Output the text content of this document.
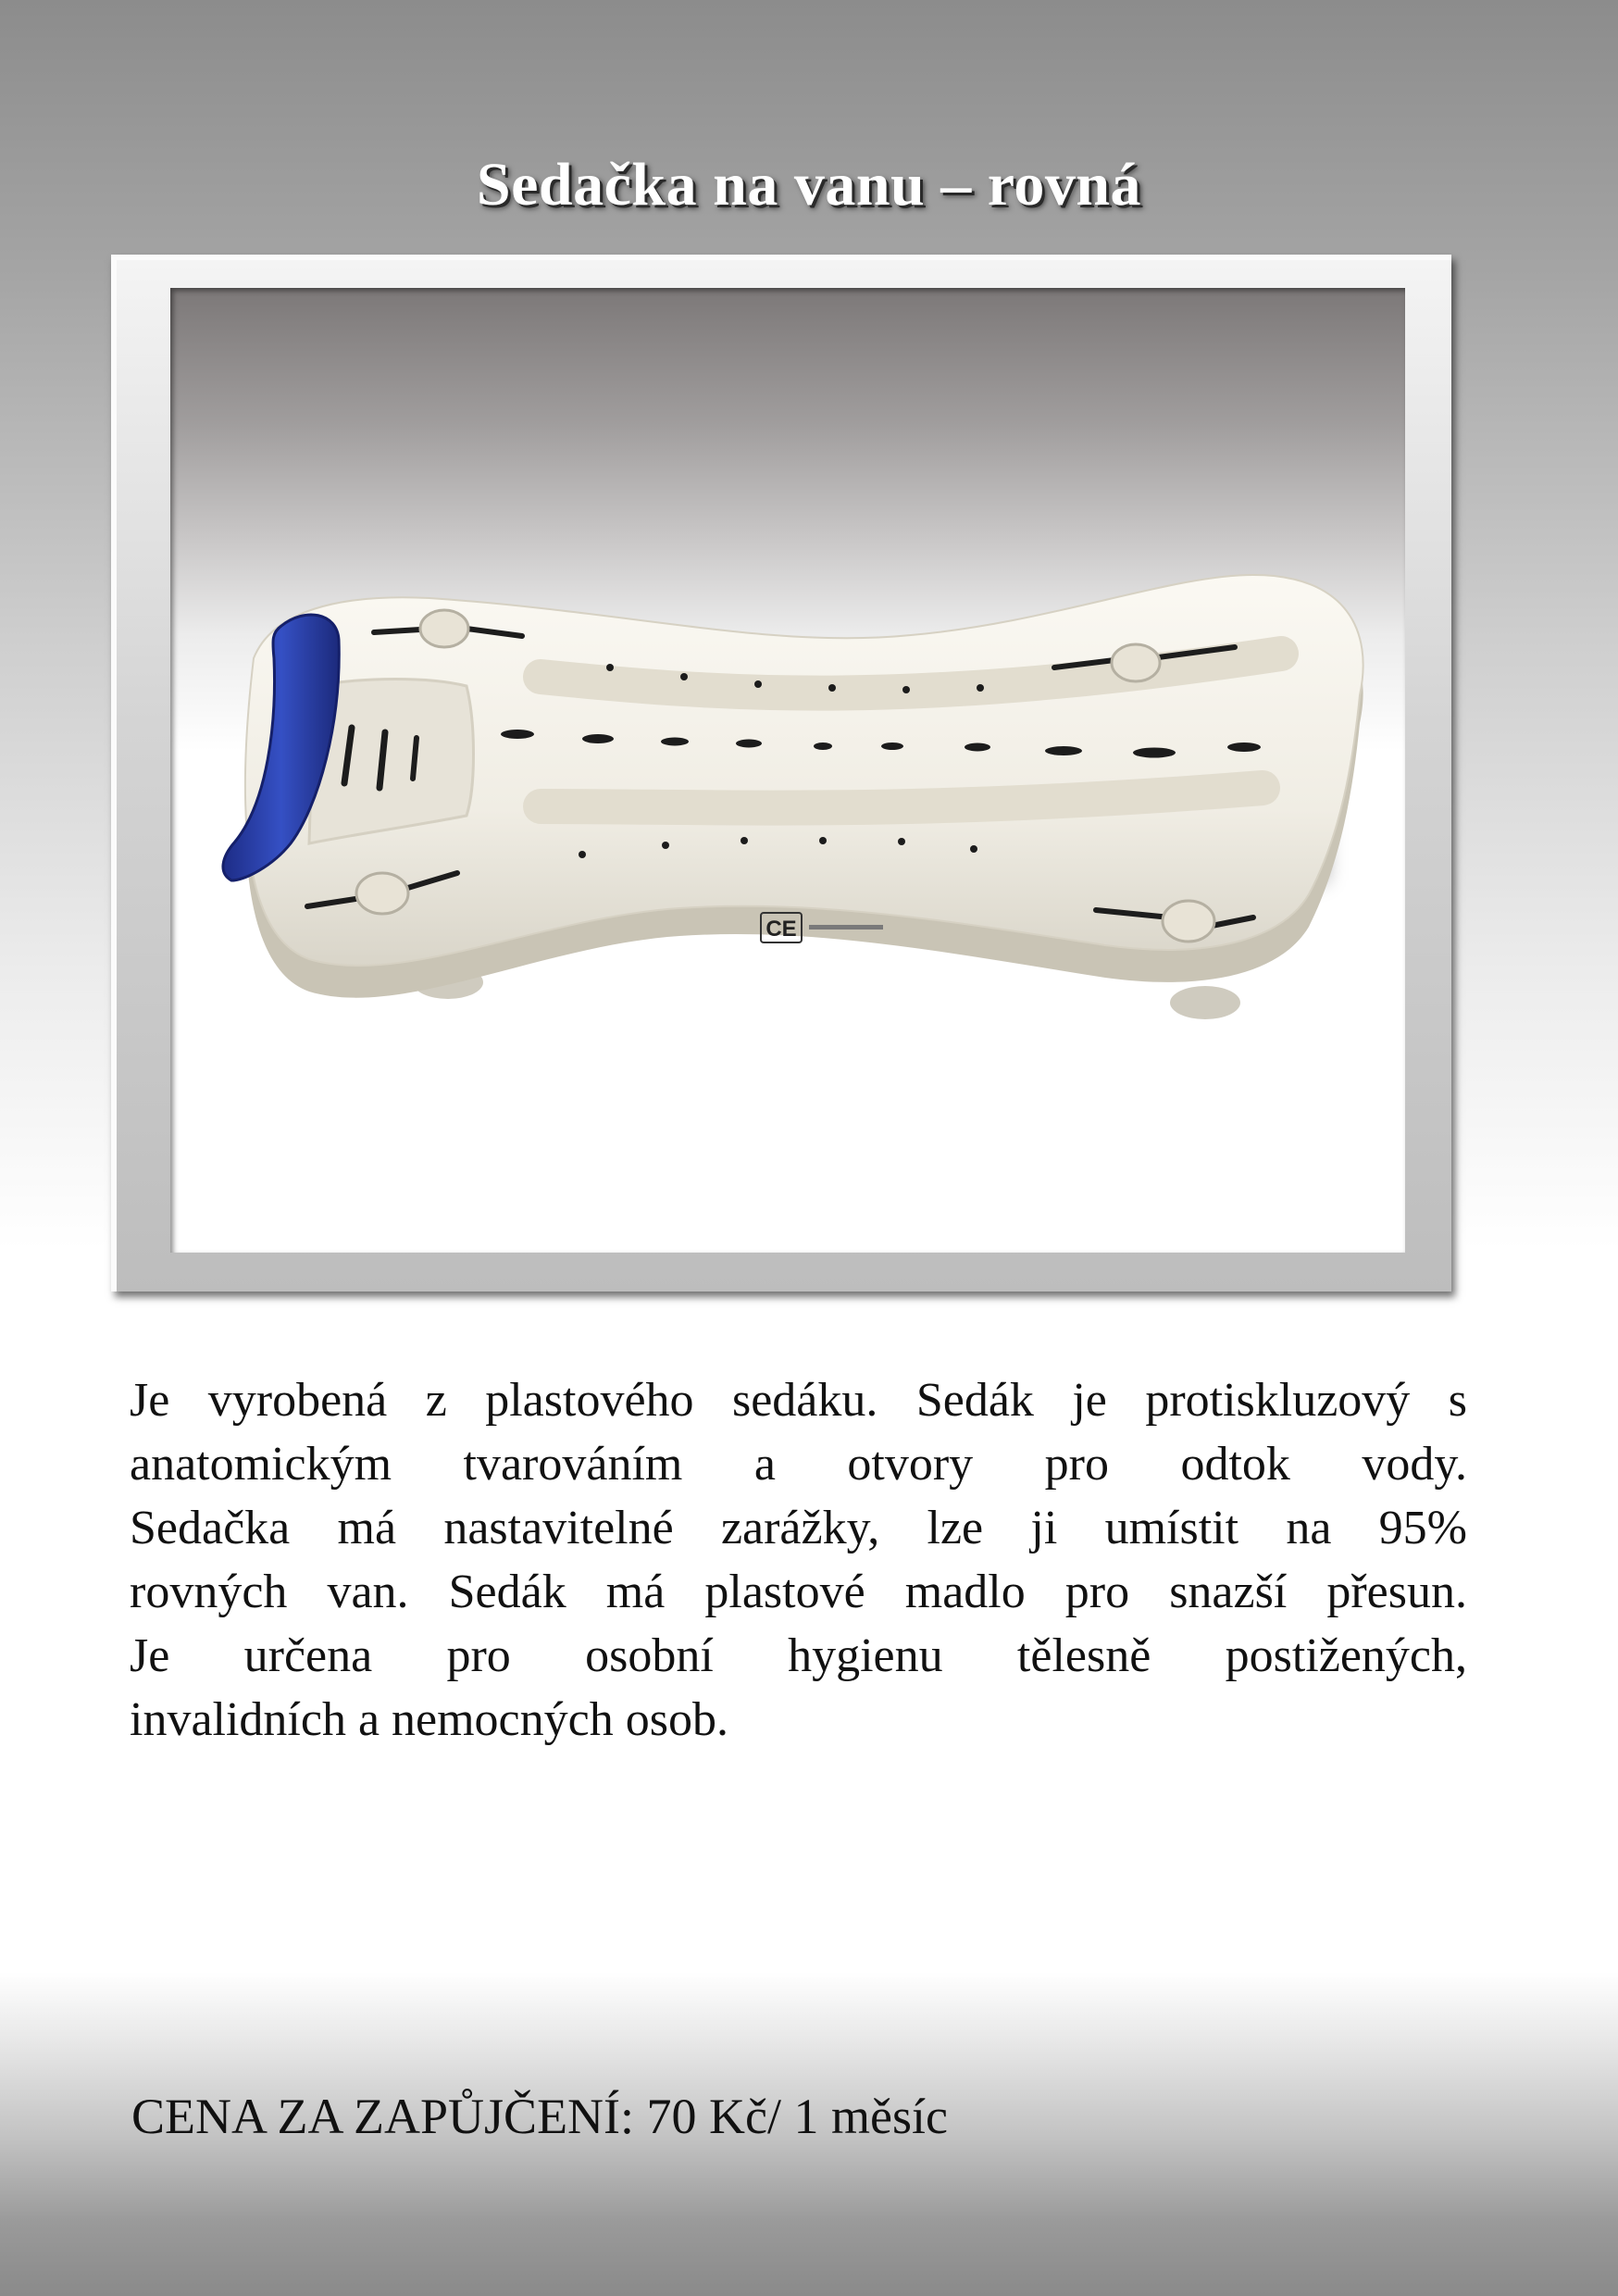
Sedačka na vanu – rovná
CE
Je vyrobená z plastového sedáku. Sedák je protiskluzový s
anatomickým tvarováním a otvory pro odtok vody.
Sedačka má nastavitelné zarážky, lze ji umístit na 95%
rovných van. Sedák má plastové madlo pro snazší přesun.
Je určena pro osobní hygienu tělesně postižených,
invalidních a nemocných osob.
CENA ZA ZAPŮJČENÍ: 70 Kč/ 1 měsíc
